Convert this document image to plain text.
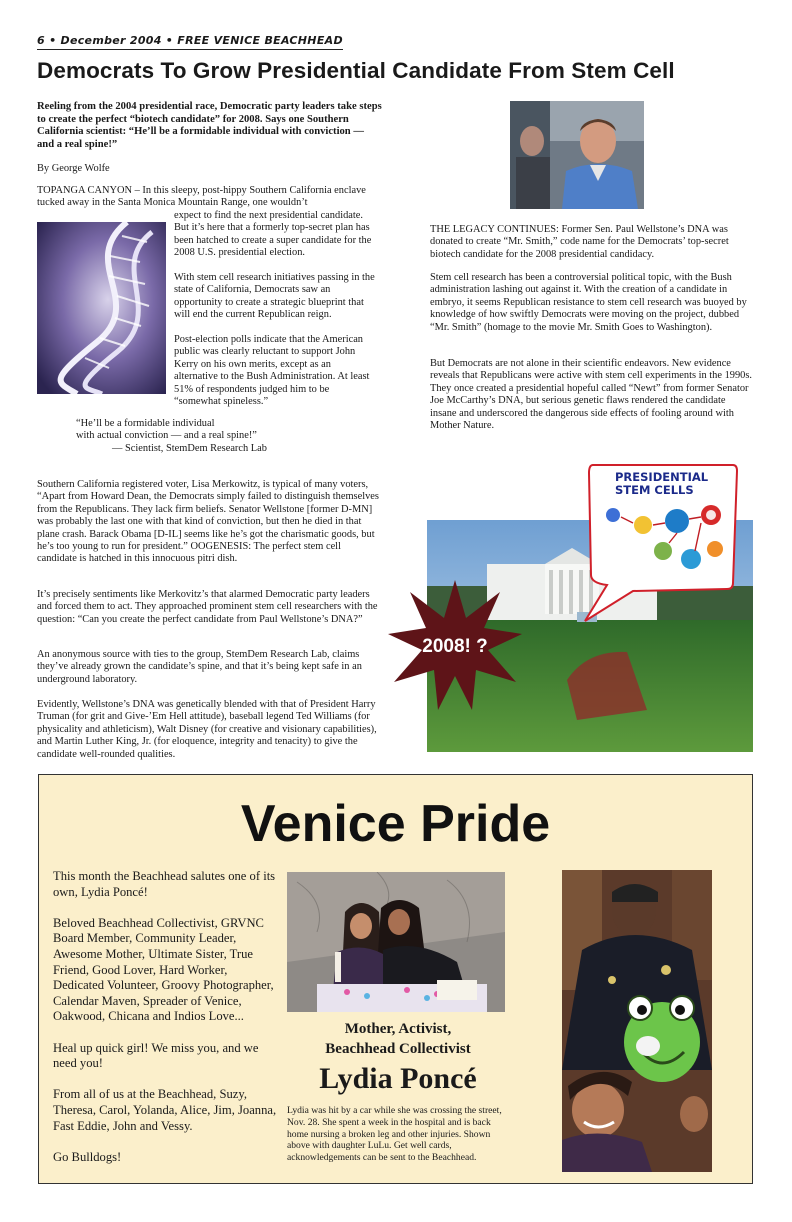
6 • December 2004 • FREE VENICE BEACHHEAD
Democrats To Grow Presidential Candidate From Stem Cell
Reeling from the 2004 presidential race, Democratic party leaders take steps to create the perfect “biotech candidate” for 2008. Says one Southern California scientist: “He’ll be a formidable individual with conviction — and a real spine!”
By George Wolfe
TOPANGA CANYON – In this sleepy, post-hippy Southern California enclave tucked away in the Santa Monica Mountain Range, one wouldn’t
expect to find the next presidential candidate. But it’s here that a formerly top-secret plan has been hatched to create a super candidate for the 2008 U.S. presidential election.
With stem cell research initiatives passing in the state of California, Democrats saw an opportunity to create a strategic blueprint that will end the current Republican reign.
Post-election polls indicate that the American public was clearly reluctant to support John Kerry on his own merits, except as an alternative to the Bush Administration. At least 51% of respondents judged him to be “somewhat spineless.”
“He’ll be a formidable individual
with actual conviction — and a real spine!”
— Scientist, StemDem Research Lab
Southern California registered voter, Lisa Merkowitz, is typical of many voters, “Apart from Howard Dean, the Democrats simply failed to distinguish themselves from the Republicans. They lack firm beliefs. Senator Wellstone [former D-MN] was probably the last one with that kind of conviction, but then he died in that plane crash. Barack Obama [D-IL] seems like he’s got the charismatic goods, but he’s too young to run for president.” OOGENESIS: The perfect stem cell candidate is hatched in this innocuous pitri dish.
It’s precisely sentiments like Merkovitz’s that alarmed Democratic party leaders and forced them to act. They approached prominent stem cell researchers with the question: “Can you create the perfect candidate from Paul Wellstone’s DNA?”
An anonymous source with ties to the group, StemDem Research Lab, claims they’ve already grown the candidate’s spine, and that it’s being kept safe in an underground laboratory.
Evidently, Wellstone’s DNA was genetically blended with that of President Harry Truman (for grit and Give-’Em Hell attitude), baseball legend Ted Williams (for physicality and athleticism), Walt Disney (for creative and visionary capabilities), and Martin Luther King, Jr. (for eloquence, integrity and tenacity) to give the candidate well-rounded qualities.
THE LEGACY CONTINUES: Former Sen. Paul Wellstone’s DNA was donated to create “Mr. Smith,” code name for the Democrats’ top-secret biotech candidate for the 2008 presidential candidacy.
Stem cell research has been a controversial political topic, with the Bush administration lashing out against it. With the creation of a candidate in embryo, it seems Republican resistance to stem cell research was buoyed by knowledge of how swiftly Democrats were moving on the project, dubbed “Mr. Smith” (homage to the movie Mr. Smith Goes to Washington).
But Democrats are not alone in their scientific endeavors. New evidence reveals that Republicans were active with stem cell experiments in the 1990s. They once created a presidential hopeful called “Newt” from former Senator Joe McCarthy’s DNA, but serious genetic flaws rendered the candidate insane and underscored the dangerous side effects of fooling around with Mother Nature.
PRESIDENTIAL
STEM CELLS
2008! ?
Venice Pride

This month the Beachhead salutes one of its own, Lydia Poncé!

Beloved Beachhead Collectivist, GRVNC Board Member, Community Leader, Awesome Mother, Ultimate Sister, True Friend, Good Lover, Hard Worker, Dedicated Volunteer, Groovy Photographer, Calendar Maven, Spreader of Venice, Oakwood, Chicana and Indios Love...

Heal up quick girl! We miss you, and we need you!

From all of us at the Beachhead, Suzy, Theresa, Carol, Yolanda, Alice, Jim, Joanna, Fast Eddie, John and Vessy.

Go Bulldogs!

Mother, Activist,
Beachhead Collectivist
Lydia Poncé
Lydia was hit by a car while she was crossing the street, Nov. 28. She spent a week in the hospital and is back home nursing a broken leg and other injuries. Shown above with daughter LuLu. Get well cards, acknowledgements can be sent to the Beachhead.
